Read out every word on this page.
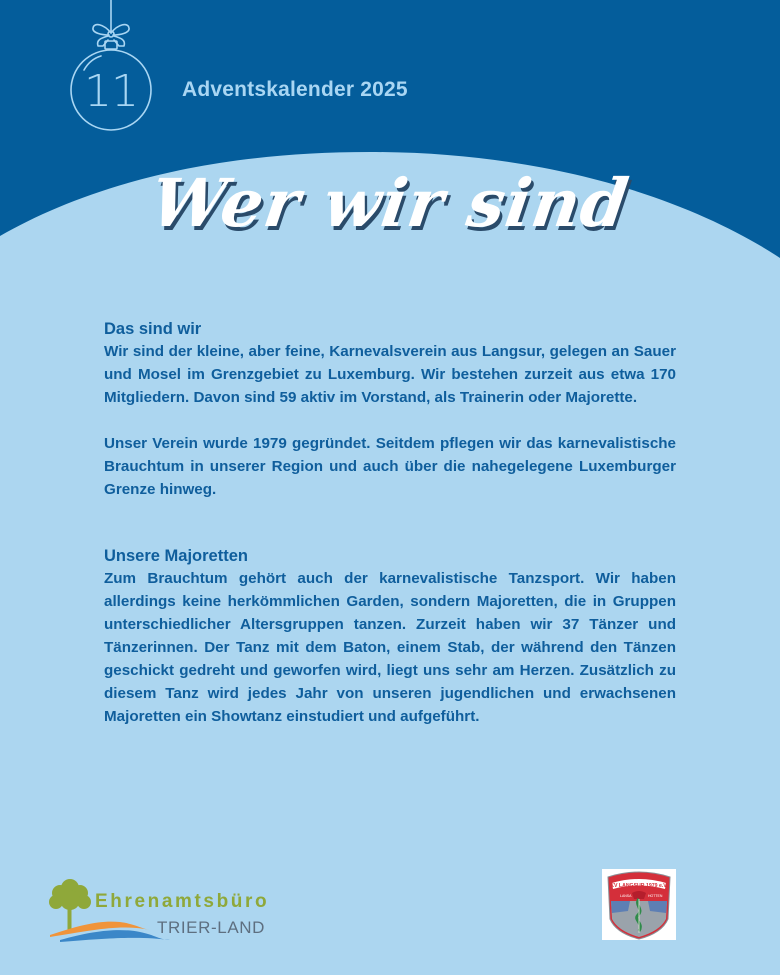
11	Adventskalender 2025
Wer wir sind
Das sind wir

Wir sind der kleine, aber feine, Karnevalsverein aus Langsur, gelegen an Sauer und Mosel im Grenzgebiet zu Luxemburg. Wir bestehen zurzeit aus etwa 170 Mitgliedern. Davon sind 59 aktiv im Vorstand, als Trainerin oder Majorette.

Unser Verein wurde 1979 gegründet. Seitdem pflegen wir das karnevalistische Brauchtum in unserer Region und auch über die nahegelegene Luxemburger Grenze hinweg.

Unsere Majoretten

Zum Brauchtum gehört auch der karnevalistische Tanzsport. Wir haben allerdings keine herkömmlichen Garden, sondern Majoretten, die in Gruppen unterschiedlicher Altersgruppen tanzen. Zurzeit haben wir 37 Tänzer und Tänzerinnen. Der Tanz mit dem Baton, einem Stab, der während den Tänzen geschickt gedreht und geworfen wird, liegt uns sehr am Herzen. Zusätzlich zu diesem Tanz wird jedes Jahr von unseren jugendlichen und erwachsenen Majoretten ein Showtanz einstudiert und aufgeführt.

Ehrenamtsbüro
TRIER-LAND
KV LANGSUR 1979 e.V.
LANSA	HOTTEN
